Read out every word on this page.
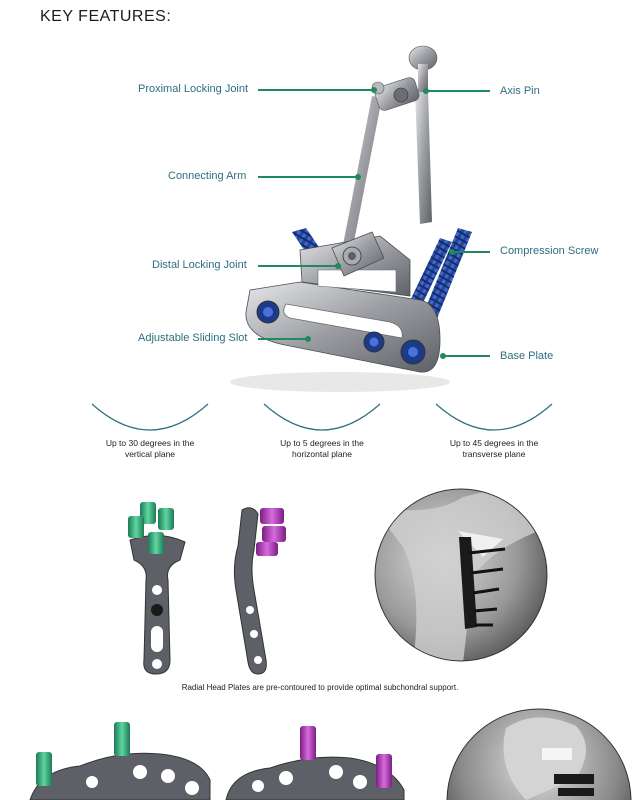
KEY FEATURES:
Proximal Locking Joint
Connecting Arm
Distal Locking Joint
Adjustable Sliding Slot
Axis Pin
Compression Screw
Base Plate
Up to 30 degrees in the
vertical plane
Up to 5 degrees in the
horizontal plane
Up to 45 degrees in the
transverse plane
Radial Head Plates are pre-contoured to provide optimal subchondral support.
